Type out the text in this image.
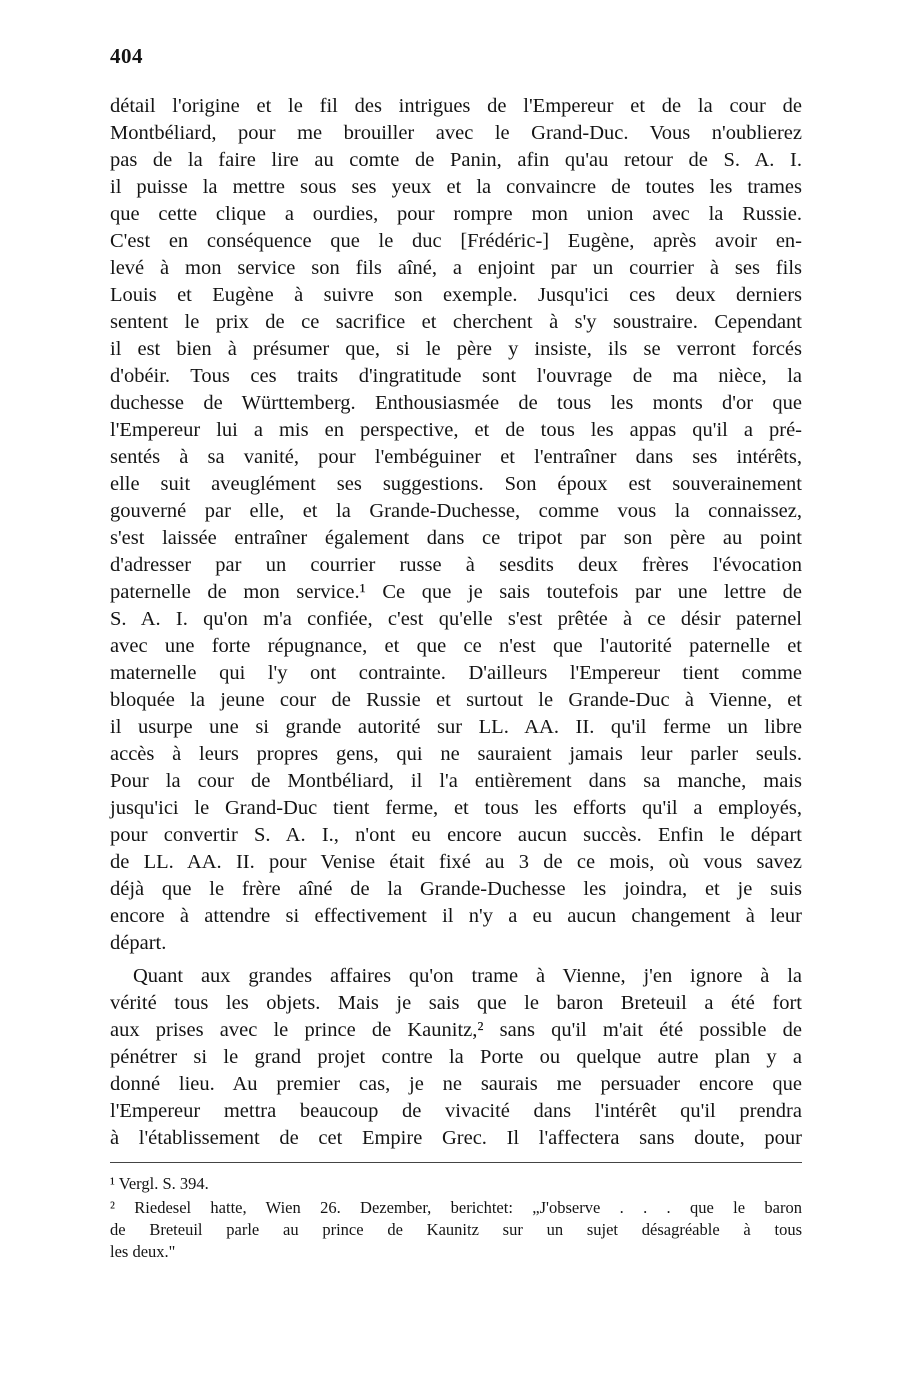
404
détail l'origine et le fil des intrigues de l'Empereur et de la cour de
Montbéliard, pour me brouiller avec le Grand-Duc. Vous n'oublierez
pas de la faire lire au comte de Panin, afin qu'au retour de S. A. I.
il puisse la mettre sous ses yeux et la convaincre de toutes les trames
que cette clique a ourdies, pour rompre mon union avec la Russie.
C'est en conséquence que le duc [Frédéric-] Eugène, après avoir en-
levé à mon service son fils aîné, a enjoint par un courrier à ses fils
Louis et Eugène à suivre son exemple. Jusqu'ici ces deux derniers
sentent le prix de ce sacrifice et cherchent à s'y soustraire. Cependant
il est bien à présumer que, si le père y insiste, ils se verront forcés
d'obéir. Tous ces traits d'ingratitude sont l'ouvrage de ma nièce, la
duchesse de Württemberg. Enthousiasmée de tous les monts d'or que
l'Empereur lui a mis en perspective, et de tous les appas qu'il a pré-
sentés à sa vanité, pour l'embéguiner et l'entraîner dans ses intérêts,
elle suit aveuglément ses suggestions. Son époux est souverainement
gouverné par elle, et la Grande-Duchesse, comme vous la connaissez,
s'est laissée entraîner également dans ce tripot par son père au point
d'adresser par un courrier russe à sesdits deux frères l'évocation
paternelle de mon service.¹ Ce que je sais toutefois par une lettre de
S. A. I. qu'on m'a confiée, c'est qu'elle s'est prêtée à ce désir paternel
avec une forte répugnance, et que ce n'est que l'autorité paternelle et
maternelle qui l'y ont contrainte. D'ailleurs l'Empereur tient comme
bloquée la jeune cour de Russie et surtout le Grande-Duc à Vienne, et
il usurpe une si grande autorité sur LL. AA. II. qu'il ferme un libre
accès à leurs propres gens, qui ne sauraient jamais leur parler seuls.
Pour la cour de Montbéliard, il l'a entièrement dans sa manche, mais
jusqu'ici le Grand-Duc tient ferme, et tous les efforts qu'il a employés,
pour convertir S. A. I., n'ont eu encore aucun succès. Enfin le départ
de LL. AA. II. pour Venise était fixé au 3 de ce mois, où vous savez
déjà que le frère aîné de la Grande-Duchesse les joindra, et je suis
encore à attendre si effectivement il n'y a eu aucun changement à leur
départ.
Quant aux grandes affaires qu'on trame à Vienne, j'en ignore à la
vérité tous les objets. Mais je sais que le baron Breteuil a été fort
aux prises avec le prince de Kaunitz,² sans qu'il m'ait été possible de
pénétrer si le grand projet contre la Porte ou quelque autre plan y a
donné lieu. Au premier cas, je ne saurais me persuader encore que
l'Empereur mettra beaucoup de vivacité dans l'intérêt qu'il prendra
à l'établissement de cet Empire Grec. Il l'affectera sans doute, pour
¹ Vergl. S. 394.
² Riedesel hatte, Wien 26. Dezember, berichtet: „J'observe . . . que le baron
de Breteuil parle au prince de Kaunitz sur un sujet désagréable à tous
les deux."
